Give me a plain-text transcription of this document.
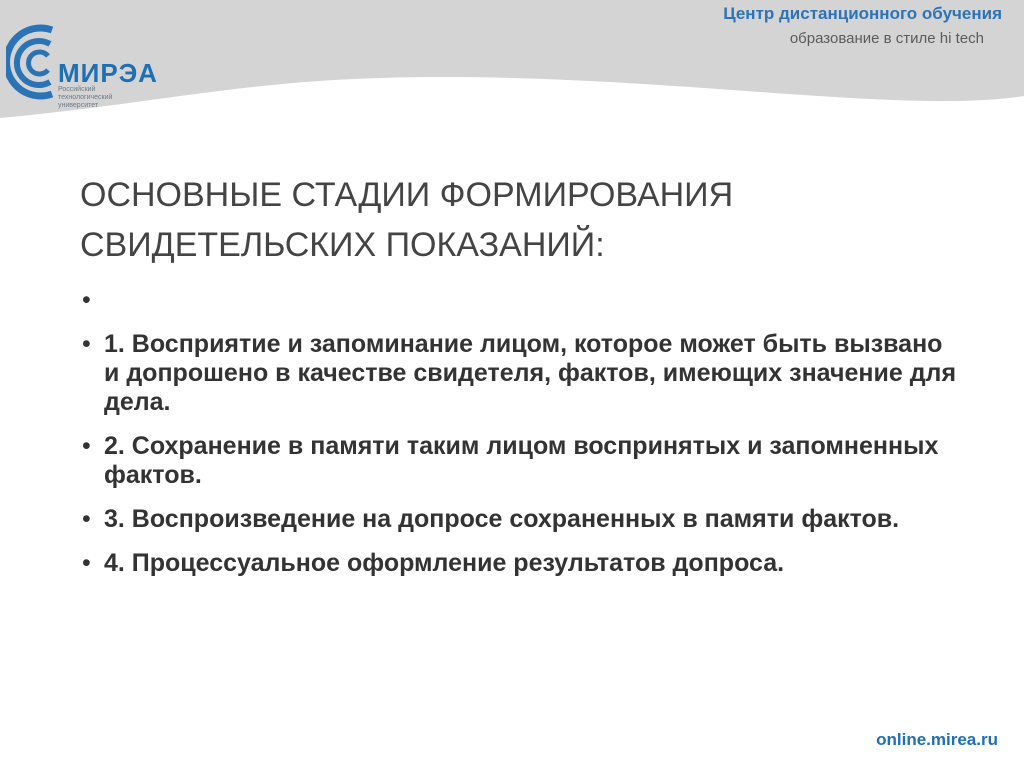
МИРЭА
Российский технологический университет
Центр дистанционного обучения
образование в стиле hi tech
ОСНОВНЫЕ СТАДИИ ФОРМИРОВАНИЯ
СВИДЕТЕЛЬСКИХ ПОКАЗАНИЙ:
•
• 1. Восприятие и запоминание лицом, которое может быть вызвано и допрошено в качестве свидетеля, фактов, имеющих значение для дела.
• 2. Сохранение в памяти таким лицом воспринятых и запомненных фактов.
• 3. Воспроизведение на допросе сохраненных в памяти фактов.
• 4. Процессуальное оформление результатов допроса.
online.mirea.ru
